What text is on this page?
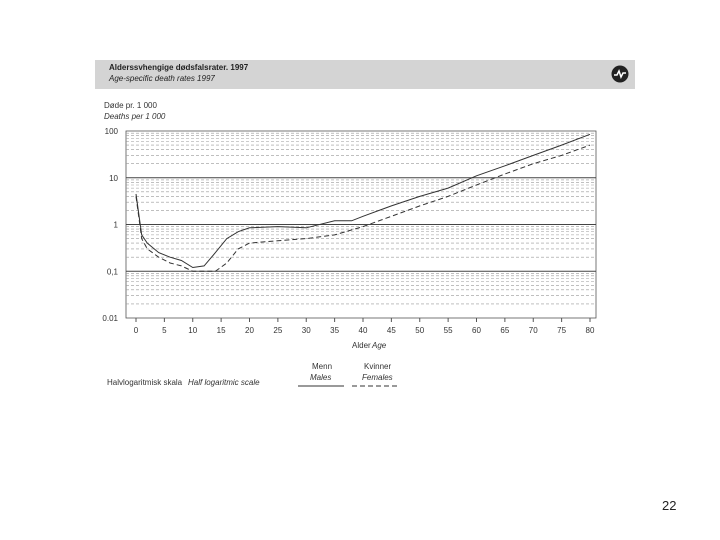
Alderssvhengige dødsfalsrater. 1997
Age-specific death rates 1997
Døde pr. 1 000
Deaths per 1 000
100
10
1
0,1
0.01
0	5	10 15 20 25 30 35 40 45 50 55 60 65 70 75 80
Alder Age
Halvlogaritmisk skala Half logaritmic scale
Menn
Males
Kvinner
Females
22
